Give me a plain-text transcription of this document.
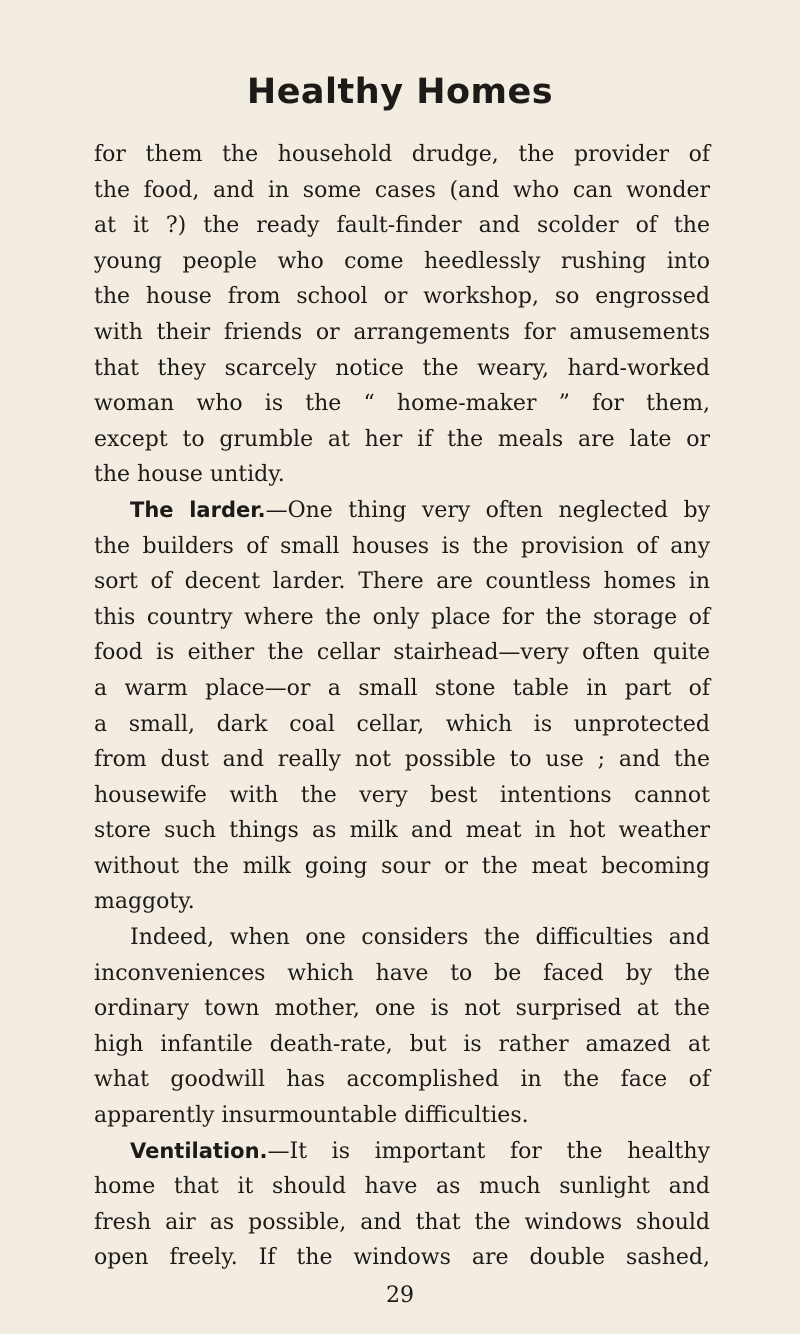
Healthy Homes
for them the household drudge, the provider of
the food, and in some cases (and who can wonder
at it ?) the ready fault-finder and scolder of the
young people who come heedlessly rushing into
the house from school or workshop, so engrossed
with their friends or arrangements for amusements
that they scarcely notice the weary, hard-worked
woman who is the “ home-maker ” for them,
except to grumble at her if the meals are late or
the house untidy.
The larder.—One thing very often neglected by
the builders of small houses is the provision of any
sort of decent larder. There are countless homes in
this country where the only place for the storage of
food is either the cellar stairhead—very often quite
a warm place—or a small stone table in part of
a small, dark coal cellar, which is unprotected
from dust and really not possible to use ; and the
housewife with the very best intentions cannot
store such things as milk and meat in hot weather
without the milk going sour or the meat becoming
maggoty.
Indeed, when one considers the difficulties and
inconveniences which have to be faced by the
ordinary town mother, one is not surprised at the
high infantile death-rate, but is rather amazed at
what goodwill has accomplished in the face of
apparently insurmountable difficulties.
Ventilation.—It is important for the healthy
home that it should have as much sunlight and
fresh air as possible, and that the windows should
open freely. If the windows are double sashed,
29
